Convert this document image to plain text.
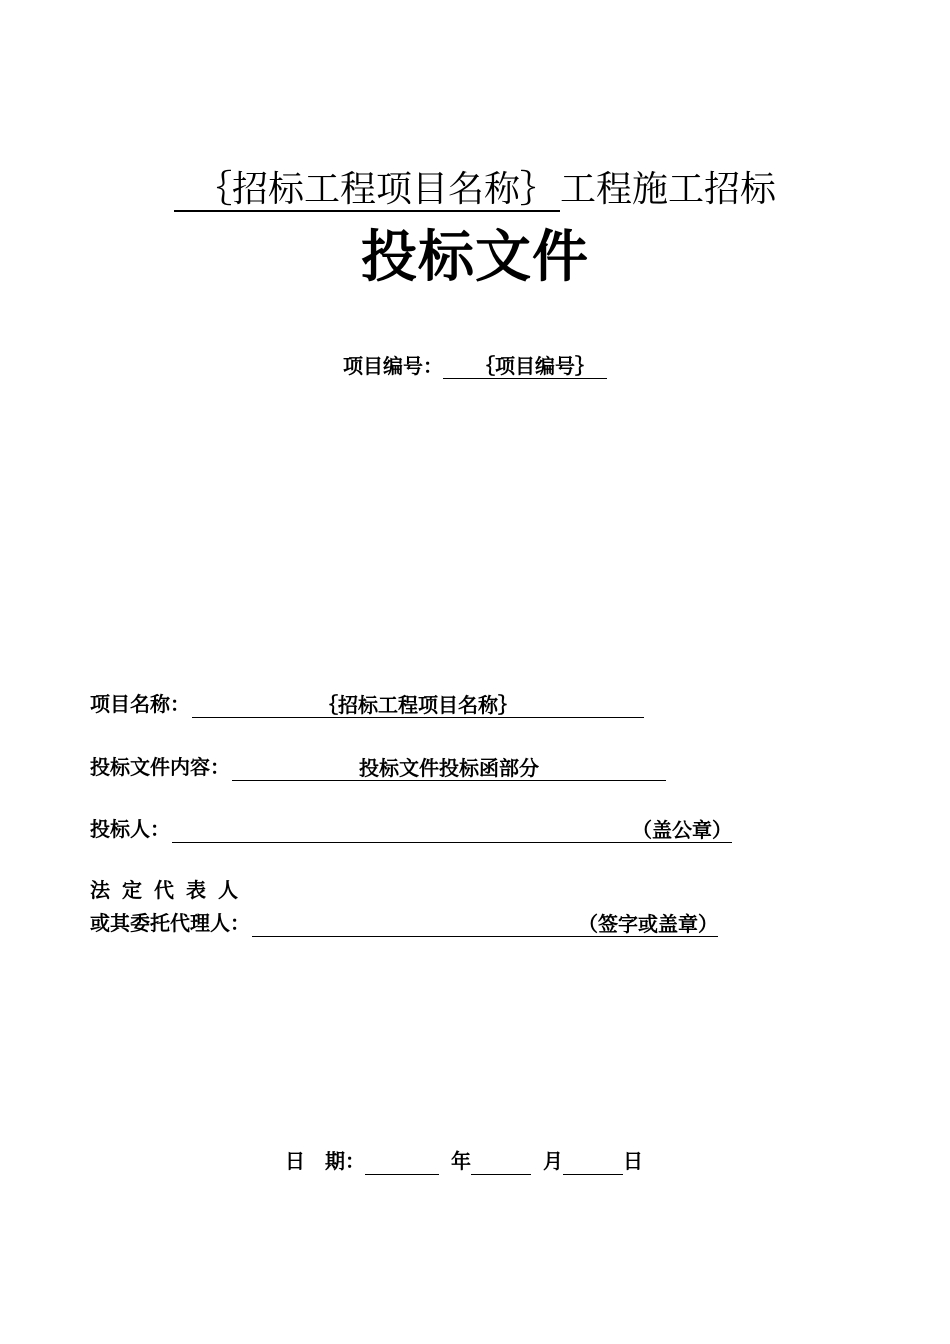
｛招标工程项目名称｝ 工程施工招标
投标文件
项目编号： ｛项目编号｝
项目名称：	｛招标工程项目名称｝
投标文件内容：	投标文件投标函部分
投标人：	（盖公章）
法定代表人
或其委托代理人：	（签字或盖章）
日　期：	年	月	日
